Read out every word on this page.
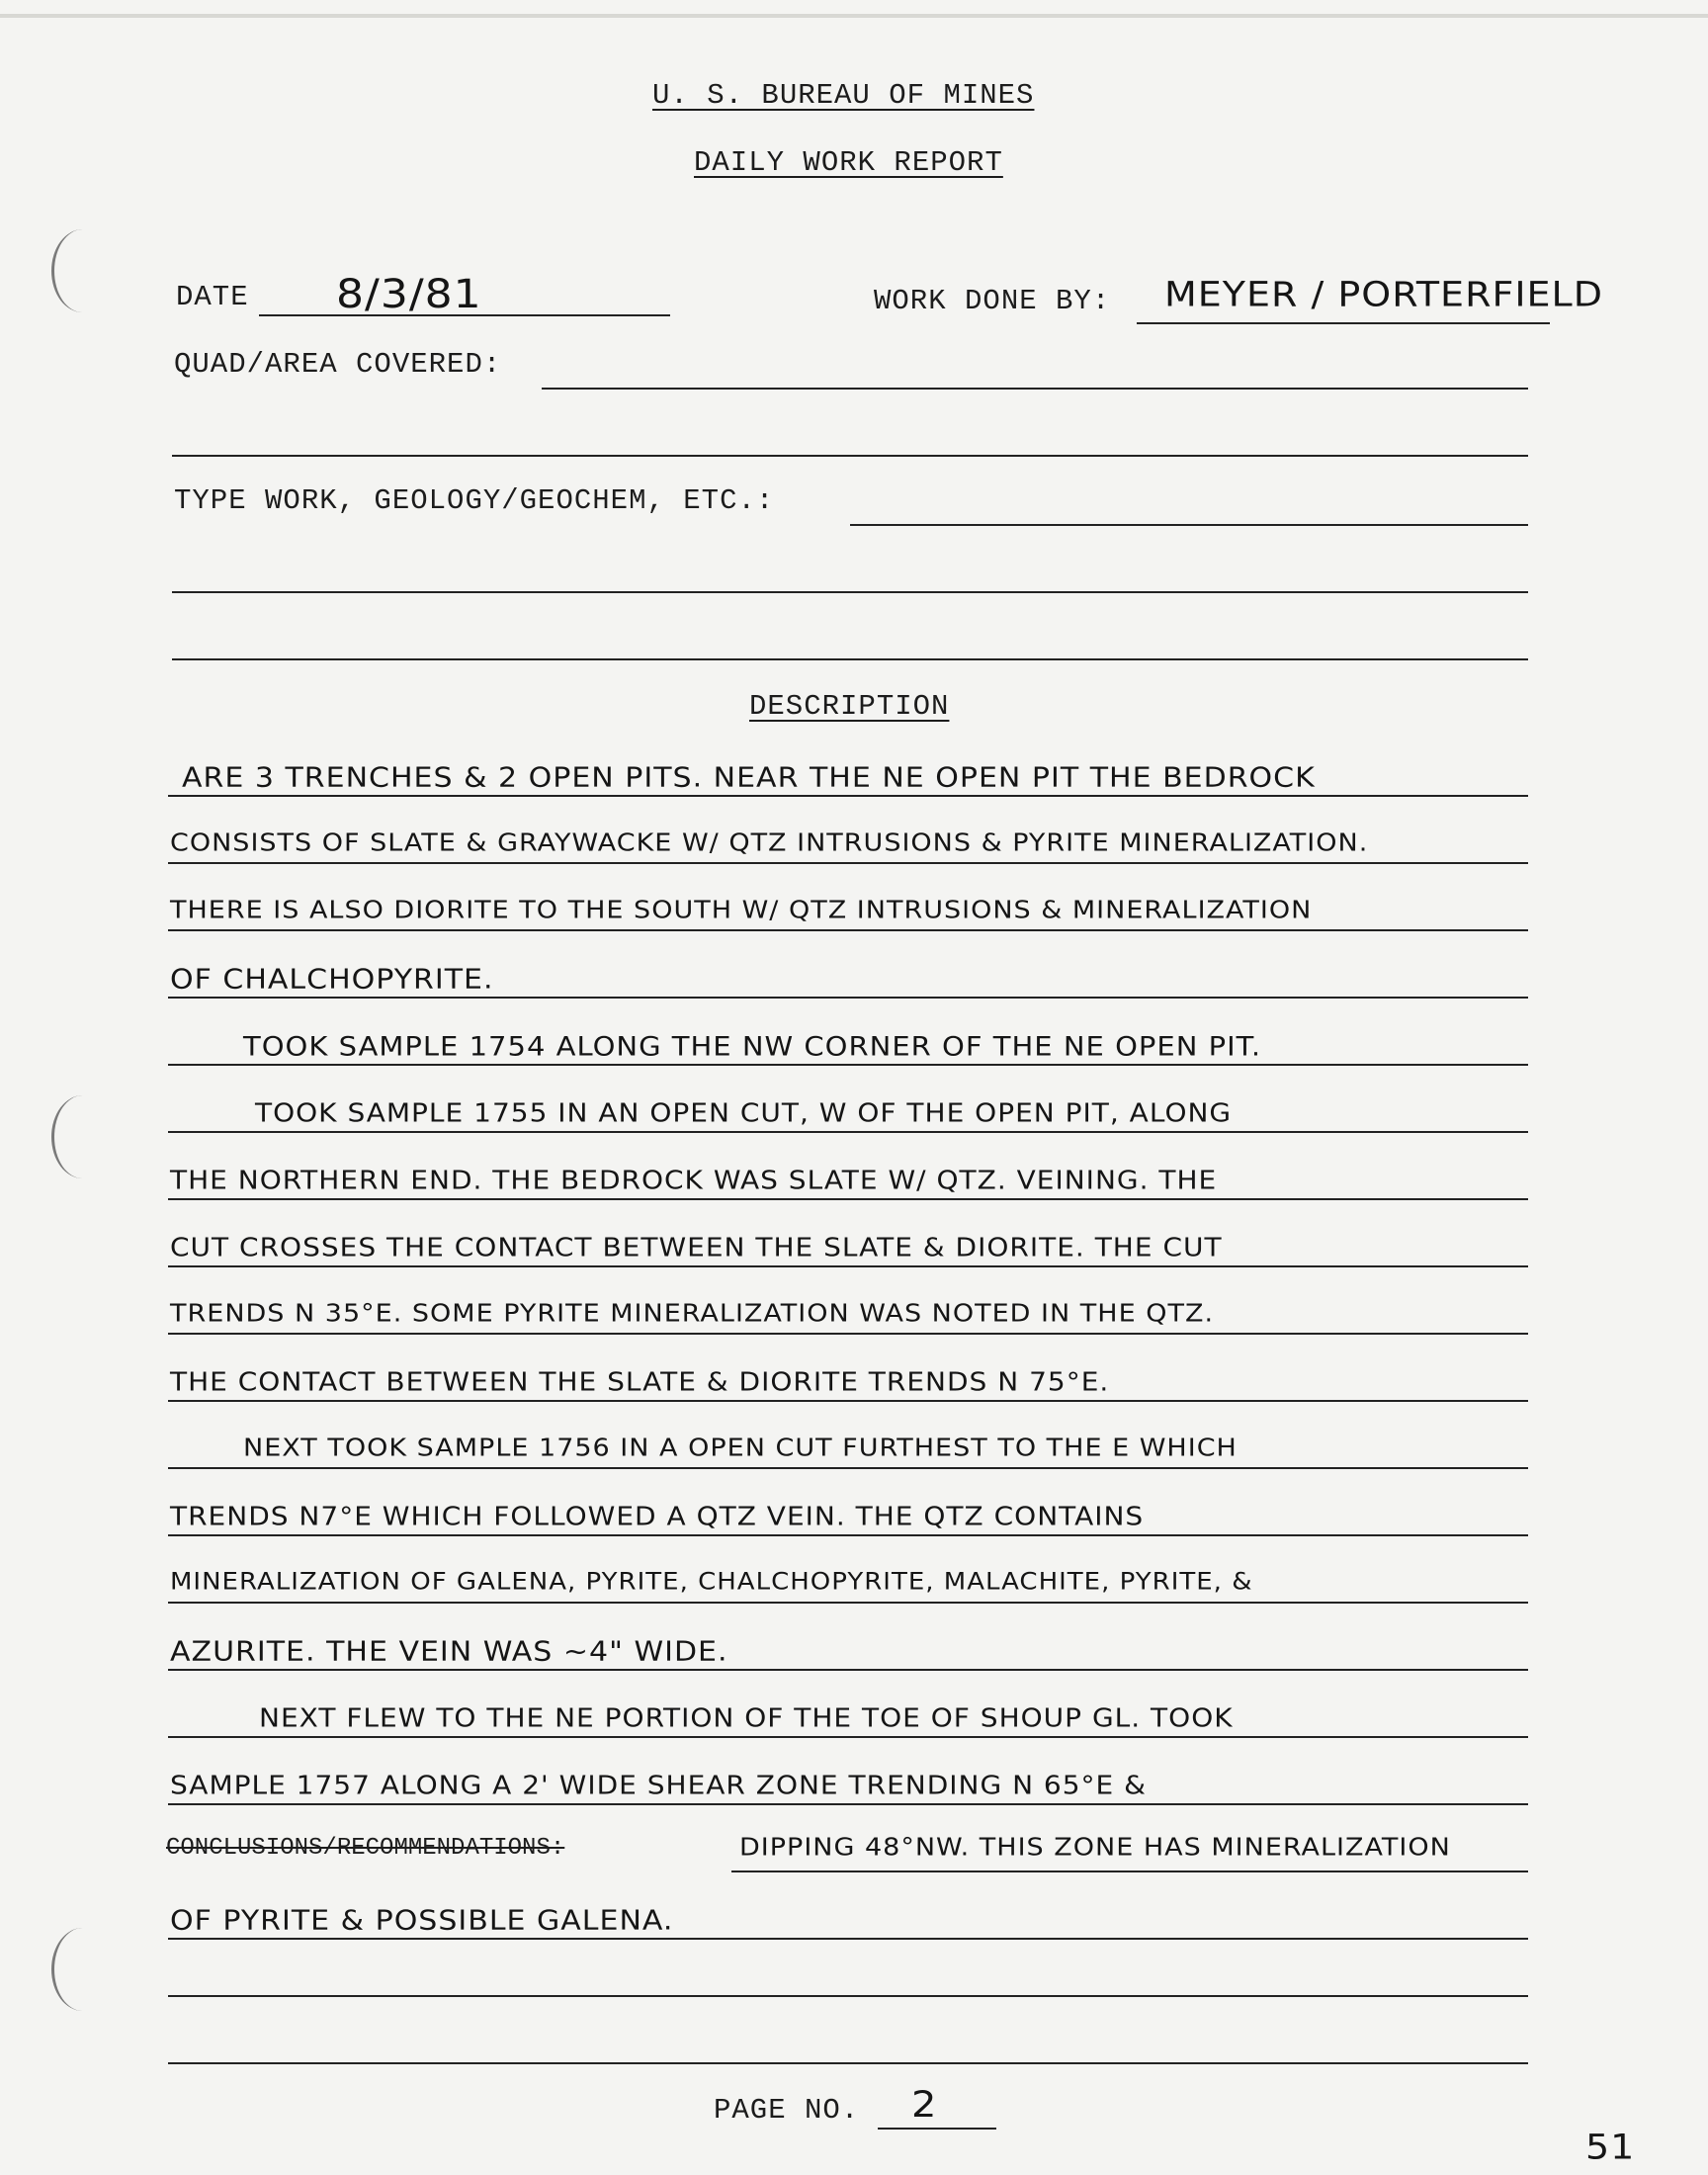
U. S. BUREAU OF MINES
DAILY WORK REPORT
DATE 8/3/81	WORK DONE BY: MEYER / PORTERFIELD
QUAD/AREA COVERED:
TYPE WORK, GEOLOGY/GEOCHEM, ETC.:
DESCRIPTION
ARE 3 TRENCHES & 2 OPEN PITS. NEAR THE NE OPEN PIT THE BEDROCK
CONSISTS OF SLATE & GRAYWACKE W/ QTZ INTRUSIONS & PYRITE MINERALIZATION.
THERE IS ALSO DIORITE TO THE SOUTH W/ QTZ INTRUSIONS & MINERALIZATION
OF CHALCHOPYRITE.
TOOK SAMPLE 1754 ALONG THE NW CORNER OF THE NE OPEN PIT.
TOOK SAMPLE 1755 IN AN OPEN CUT, W OF THE OPEN PIT, ALONG
THE NORTHERN END. THE BEDROCK WAS SLATE W/ QTZ. VEINING. THE
CUT CROSSES THE CONTACT BETWEEN THE SLATE & DIORITE. THE CUT
TRENDS N 35°E. SOME PYRITE MINERALIZATION WAS NOTED IN THE QTZ.
THE CONTACT BETWEEN THE SLATE & DIORITE TRENDS N 75°E.
NEXT TOOK SAMPLE 1756 IN A OPEN CUT FURTHEST TO THE E WHICH
TRENDS N7°E WHICH FOLLOWED A QTZ VEIN. THE QTZ CONTAINS
MINERALIZATION OF GALENA, PYRITE, CHALCHOPYRITE, MALACHITE, PYRITE, &
AZURITE. THE VEIN WAS ~4" WIDE.
NEXT FLEW TO THE NE PORTION OF THE TOE OF SHOUP GL. TOOK
SAMPLE 1757 ALONG A 2' WIDE SHEAR ZONE TRENDING N 65°E &
CONCLUSIONS/RECOMMENDATIONS:	DIPPING 48°NW. THIS ZONE HAS MINERALIZATION
OF PYRITE & POSSIBLE GALENA.
PAGE NO. 2
51
